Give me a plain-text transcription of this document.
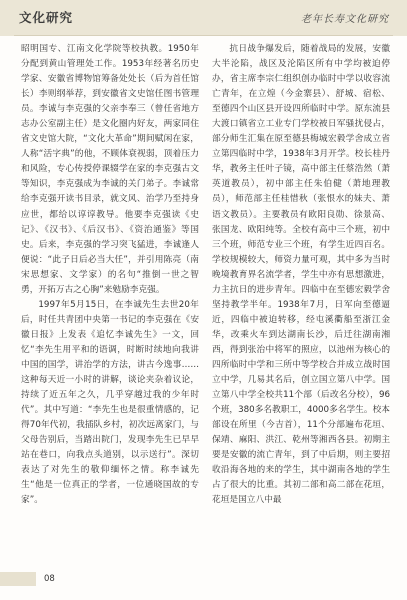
文化研究	老年长寿文化研究

昭明国专、江南文化学院等校执教。1950年分配到黄山管理处工作。1953年经著名历史学家、安徽省博物馆筹备处处长（后为首任馆长）李则纲举荐，到安徽省文史馆任图书管理员。李诚与李克强的父亲李奉三（曾任省地方志办公室副主任）是文化圈内好友，两家同住省文史馆大院，“文化大革命”期间赋闲在家，人称“活字典”的他，不顾体衰视弱，顶着压力和风险，专心传授停课辍学在家的李克强古文等知识，李克强成为李诚的关门弟子。李诚常给李克强开读书目录，就文风、治学乃至持身应世，都给以谆谆教导。他要李克强读《史记》、《汉书》、《后汉书》、《资治通鉴》等国史。后来，李克强的学习突飞猛进，李诚逢人便说：“此子日后必当大任”，并引用陈亮（南宋思想家、文学家）的名句“推倒一世之智勇，开拓万古之心胸”来勉励李克强。

1997年5月15日，在李诚先生去世20年后，时任共青团中央第一书记的李克强在《安徽日报》上发表《追忆李诚先生》一文，回忆“李先生用平和的语调，时断时续地向我讲中国的国学，讲治学的方法，讲古今逸事……这种每天近一小时的讲解，谈论夹杂着议论，持续了近五年之久，几乎穿越过我的少年时代”。其中写道：“李先生也是很重情感的，记得70年代初，我插队乡村，初次远离家门，与父母告别后，当踏出院门，发现李先生已早早站在巷口，向我点头道别，以示送行”。深切表达了对先生的敬仰缅怀之情。称李诚先生“他是一位真正的学者，一位通晓国故的专家”。

抗日战争爆发后，随着战局的发展，安徽大半沦陷，战区及沦陷区所有中学均被迫停办，省主席李宗仁组织创办临时中学以收容流亡青年，在立煌（今金寨县）、舒城、宿松、至德四个山区县开设四所临时中学。原东流县大渡口镇省立工业专门学校被日军骚扰侵占，部分师生汇集在原至德县梅城宏毅学舍成立省立第四临时中学，1938年3月开学。校长桂丹华，教务主任叶子镜，高中部主任蔡浩然（萧英道教员），初中部主任朱伯健（萧地理教员），师范部主任桂惜秋（张恨水的妹夫、萧语文教员）。主要教员有欧阳良勋、徐景高、张国龙、欧阳纯等。全校有高中三个班，初中三个班，师范专业三个班，有学生近四百名。学校规模较大，师资力量可观，其中多为当时晚境教育界名流学者，学生中亦有思想激进，力主抗日的进步青年。四临中在至德宏毅学舍坚持教学半年。1938年7月，日军向至德逼近，四临中被迫转移，经屯溪衢船至浙江金华，改乘火车到达湖南长沙，后迁往湖南湘西，得到张治中将军的照应，以池州为核心的四所临时中学和三所中等学校合并成立战时国立中学，几易其名后，创立国立第八中学。国立第八中学全校共11个部（后改名分校），96个班，380多名教职工，4000多名学生。校本部设在所里（今吉首），11个分部遍布花垣、保靖、麻阳、洪江、乾州等湘西各县。初期主要是安徽的流亡青年，到了中后期，则主要招收沿海各地的来的学生，其中湖南各地的学生占了很大的比重。其初二部和高二部在花垣，花垣是国立八中最

08
